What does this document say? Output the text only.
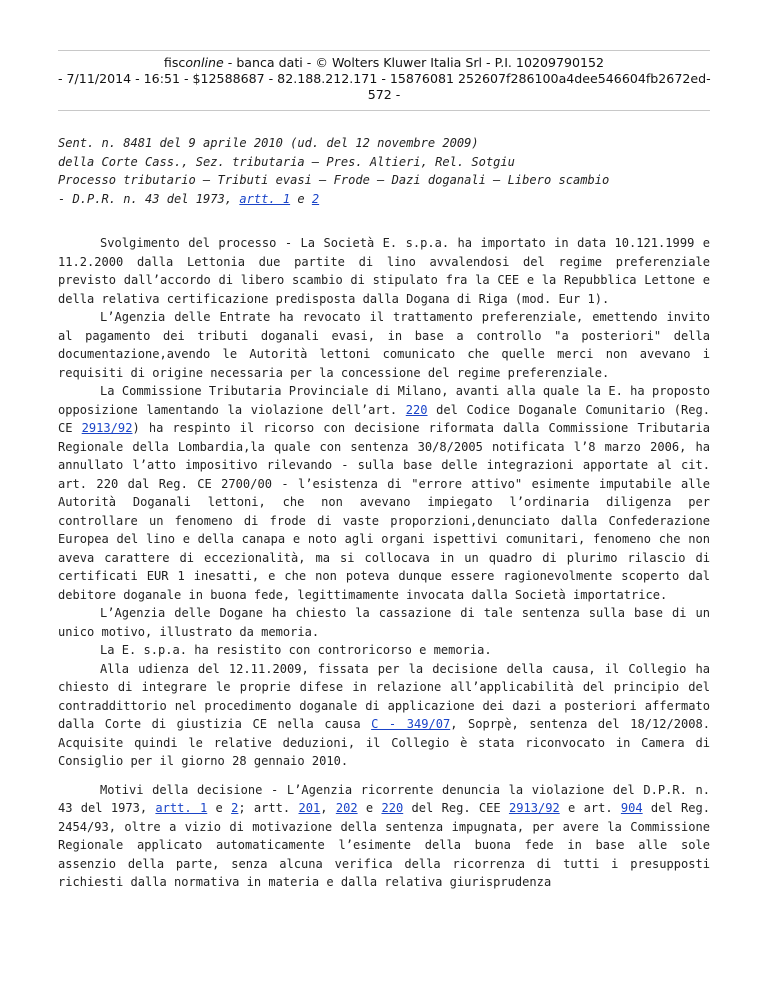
fisconline - banca dati - © Wolters Kluwer Italia Srl - P.I. 10209790152
- 7/11/2014 - 16:51 - $12588687 - 82.188.212.171 - 15876081 252607f286100a4dee546604fb2672ed-
572 -
Sent. n. 8481 del 9 aprile 2010 (ud. del 12 novembre 2009)
della Corte Cass., Sez. tributaria – Pres. Altieri, Rel. Sotgiu
Processo tributario – Tributi evasi – Frode – Dazi doganali – Libero scambio
- D.P.R. n. 43 del 1973, artt. 1 e 2

Svolgimento del processo - La Società E. s.p.a. ha importato in data 10.121.1999 e 11.2.2000 dalla Lettonia due partite di lino avvalendosi del regime preferenziale previsto dall’accordo di libero scambio di stipulato fra la CEE e la Repubblica Lettone e della relativa certificazione predisposta dalla Dogana di Riga (mod. Eur 1).

L’Agenzia delle Entrate ha revocato il trattamento preferenziale, emettendo invito al pagamento dei tributi doganali evasi, in base a controllo "a posteriori" della documentazione,avendo le Autorità lettoni comunicato che quelle merci non avevano i requisiti di origine necessaria per la concessione del regime preferenziale.

La Commissione Tributaria Provinciale di Milano, avanti alla quale la E. ha proposto opposizione lamentando la violazione dell’art. 220 del Codice Doganale Comunitario (Reg. CE 2913/92) ha respinto il ricorso con decisione riformata dalla Commissione Tributaria Regionale della Lombardia,la quale con sentenza 30/8/2005 notificata l’8 marzo 2006, ha annullato l’atto impositivo rilevando - sulla base delle integrazioni apportate al cit. art. 220 dal Reg. CE 2700/00 - l’esistenza di "errore attivo" esimente imputabile alle Autorità Doganali lettoni, che non avevano impiegato l’ordinaria diligenza per controllare un fenomeno di frode di vaste proporzioni,denunciato dalla Confederazione Europea del lino e della canapa e noto agli organi ispettivi comunitari, fenomeno che non aveva carattere di eccezionalità, ma si collocava in un quadro di plurimo rilascio di certificati EUR 1 inesatti, e che non poteva dunque essere ragionevolmente scoperto dal debitore doganale in buona fede, legittimamente invocata dalla Società importatrice.

L’Agenzia delle Dogane ha chiesto la cassazione di tale sentenza sulla base di un unico motivo, illustrato da memoria.

La E. s.p.a. ha resistito con controricorso e memoria.

Alla udienza del 12.11.2009, fissata per la decisione della causa, il Collegio ha chiesto di integrare le proprie difese in relazione all’applicabilità del principio del contraddittorio nel procedimento doganale di applicazione dei dazi a posteriori affermato dalla Corte di giustizia CE nella causa C - 349/07, Soprpè, sentenza del 18/12/2008. Acquisite quindi le relative deduzioni, il Collegio è stata riconvocato in Camera di Consiglio per il giorno 28 gennaio 2010.

Motivi della decisione - L’Agenzia ricorrente denuncia la violazione del D.P.R. n. 43 del 1973, artt. 1 e 2; artt. 201, 202 e 220 del Reg. CEE 2913/92 e art. 904 del Reg. 2454/93, oltre a vizio di motivazione della sentenza impugnata, per avere la Commissione Regionale applicato automaticamente l’esimente della buona fede in base alle sole assenzio della parte, senza alcuna verifica della ricorrenza di tutti i presupposti richiesti dalla normativa in materia e dalla relativa giurisprudenza
